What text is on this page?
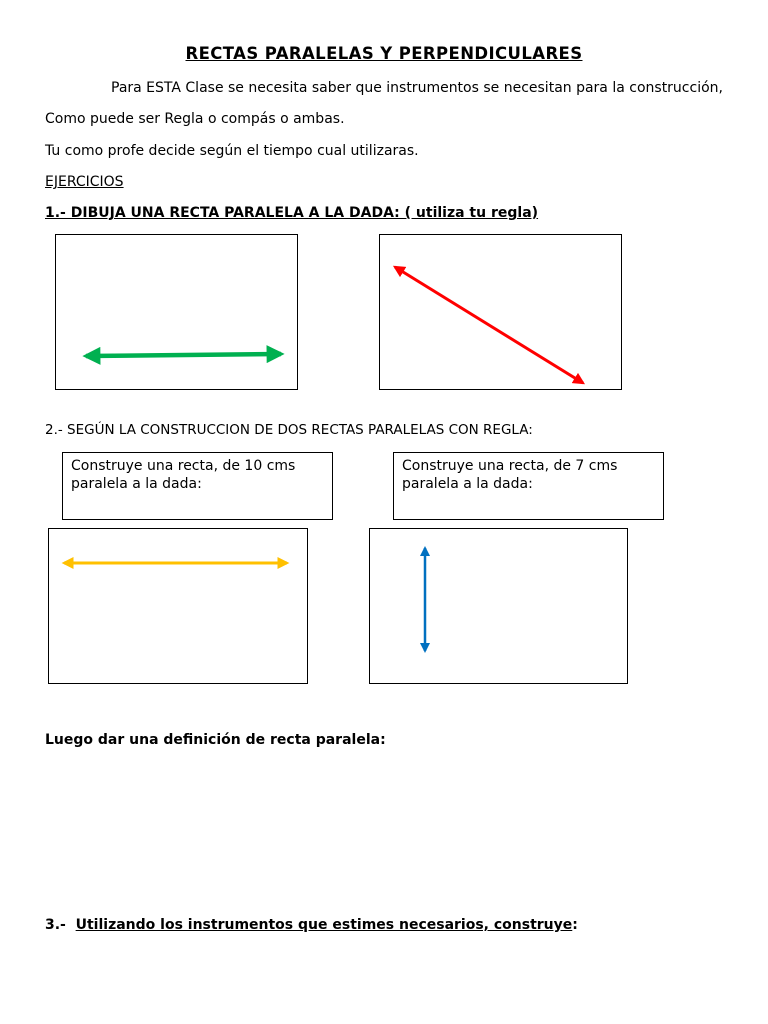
RECTAS PARALELAS Y PERPENDICULARES
Para ESTA Clase se necesita saber que instrumentos se necesitan para la construcción,
Como puede ser Regla o compás o ambas.
Tu como profe decide según el tiempo cual utilizaras.
EJERCICIOS
1.- DIBUJA UNA RECTA PARALELA A LA DADA: ( utiliza tu regla)
2.- SEGÚN LA CONSTRUCCION DE DOS RECTAS PARALELAS CON REGLA:
Construye una recta, de 10 cms
paralela a la dada:
Construye una recta, de 7 cms
paralela a la dada:
Luego dar una definición de recta paralela:
3.- Utilizando los instrumentos que estimes necesarios, construye:
